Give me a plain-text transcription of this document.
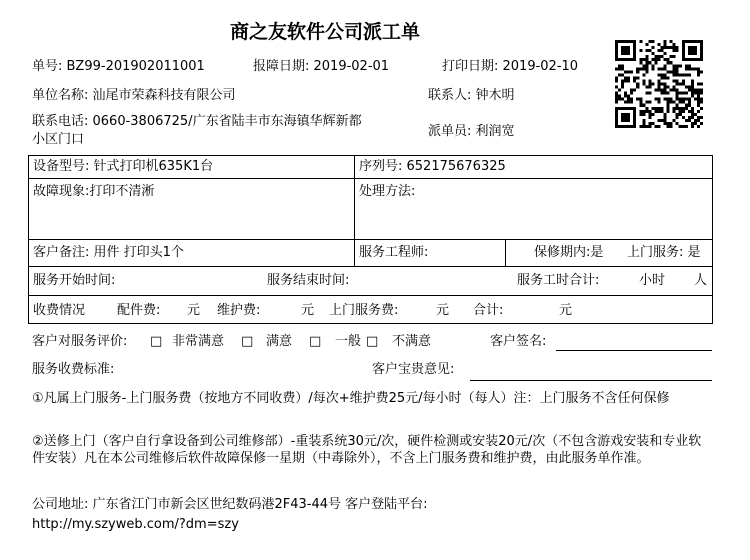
商之友软件公司派工单
单号: BZ99-201902011001	报障日期: 2019-02-01	打印日期: 2019-02-10
单位名称: 汕尾市荣森科技有限公司	联系人: 钟木明
联系电话: 0660-3806725/广东省陆丰市东海镇华辉新都
小区门口
派单员: 利润宽
设备型号: 针式打印机635K1台	序列号: 652175676325
故障现象:打印不清淅	处理方法:
客户备注: 用件 打印头1个	服务工程师:	保修期内:是 上门服务: 是
服务开始时间:	服务结束时间:	服务工时合计:	小时 人
收费情况 配件费: 元 维护费:	元 上门服务费:	元 合计:	元
客户对服务评价: □ 非常满意 □ 满意 □ 一般 □ 不满意	客户签名:
服务收费标准:	客户宝贵意见:
①凡属上门服务-上门服务费（按地方不同收费）/每次+维护费25元/每小时（每人）注：上门服务不含任何保修
②送修上门（客户自行拿设备到公司维修部）-重装系统30元/次，硬件检测或安装20元/次（不包含游戏安装和专业软件安装）凡在本公司维修后软件故障保修一星期（中毒除外），不含上门服务费和维护费，由此服务单作准。
公司地址: 广东省江门市新会区世纪数码港2F43-44号 客户登陆平台:
http://my.szyweb.com/?dm=szy
